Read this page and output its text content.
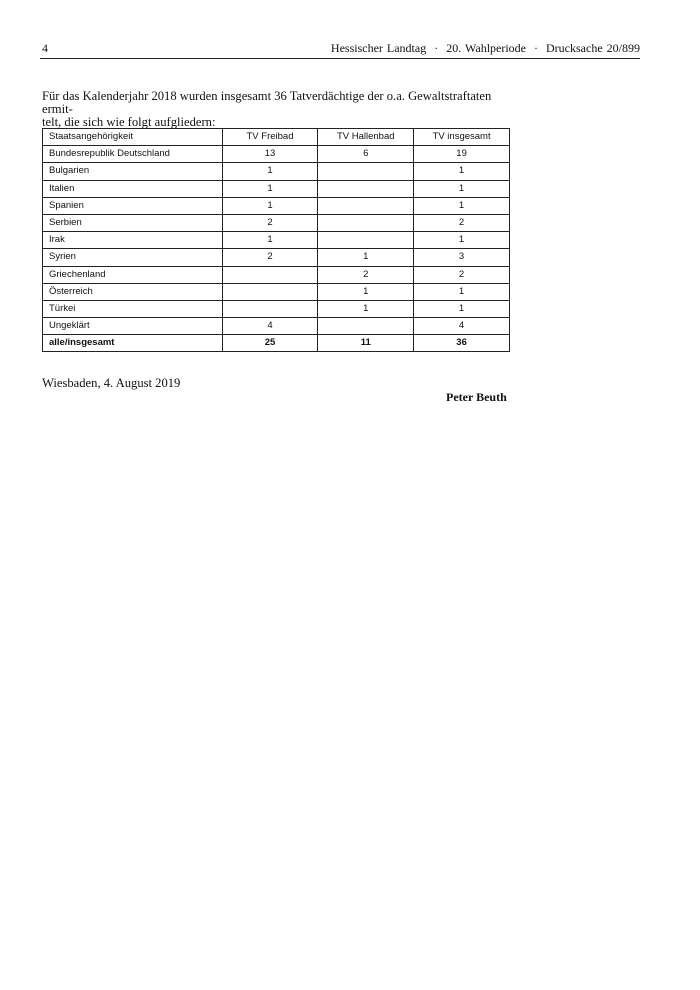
4	Hessischer Landtag · 20. Wahlperiode · Drucksache 20/899

Für das Kalenderjahr 2018 wurden insgesamt 36 Tatverdächtige der o.a. Gewaltstraftaten ermit-
telt, die sich wie folgt aufgliedern:

Staatsangehörigkeit	TV Freibad	TV Hallenbad	TV insgesamt
Bundesrepublik Deutschland	13	6	19
Bulgarien	1		1
Italien	1		1
Spanien	1		1
Serbien	2		2
Irak	1		1
Syrien	2	1	3
Griechenland		2	2
Österreich		1	1
Türkei		1	1
Ungeklärt	4		4
alle/insgesamt	25	11	36
Wiesbaden, 4. August 2019
Peter Beuth
